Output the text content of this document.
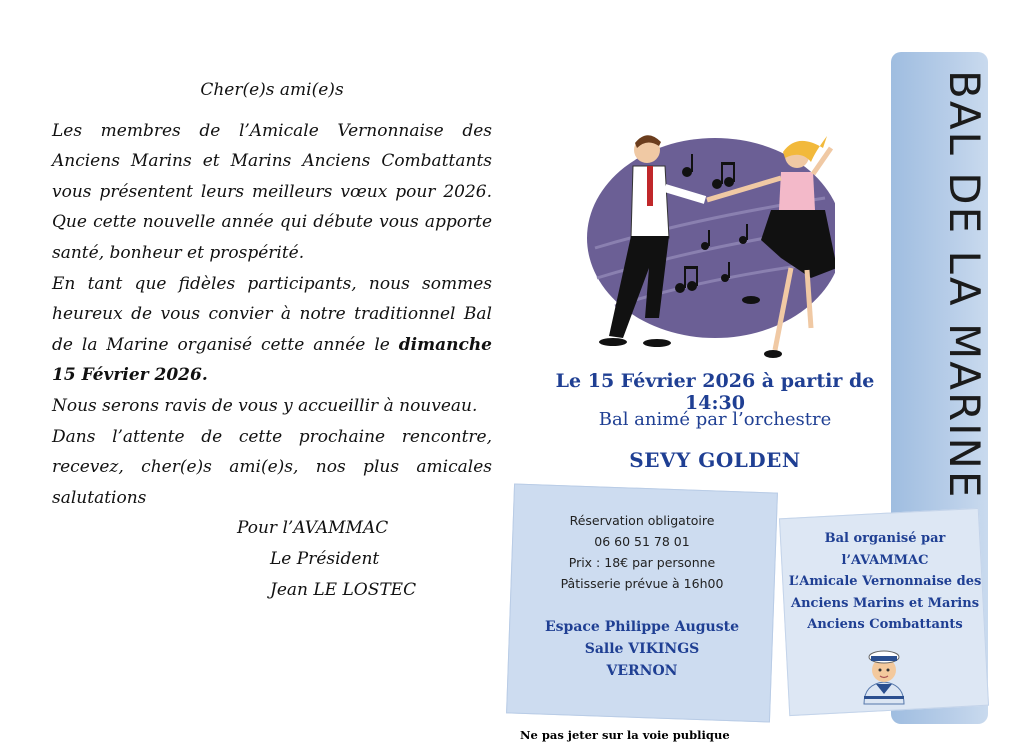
Cher(e)s ami(e)s

Les membres de l’Amicale Vernonnaise des Anciens Marins et Marins Anciens Combattants vous présentent leurs meilleurs vœux pour 2026. Que cette nouvelle année qui débute vous apporte santé, bonheur et prospérité.

En tant que fidèles participants, nous sommes heureux de vous convier à notre traditionnel Bal de la Marine organisé cette année le dimanche 15 Février 2026.

Nous serons ravis de vous y accueillir à nouveau.

Dans l’attente de cette prochaine rencontre, recevez, cher(e)s ami(e)s, nos plus amicales salutations

Pour l’AVAMMAC
Le Président
Jean LE LOSTEC
BAL DE LA MARINE
Le 15 Février 2026 à partir de 14:30
Bal animé par l’orchestre
SEVY GOLDEN
Réservation obligatoire
06 60 51 78 01
Prix : 18€ par personne
Pâtisserie prévue à 16h00
Espace Philippe Auguste
Salle VIKINGS
VERNON
Bal organisé par
l’AVAMMAC
L’Amicale Vernonnaise des
Anciens Marins et Marins
Anciens Combattants
Ne pas jeter sur la voie publique
